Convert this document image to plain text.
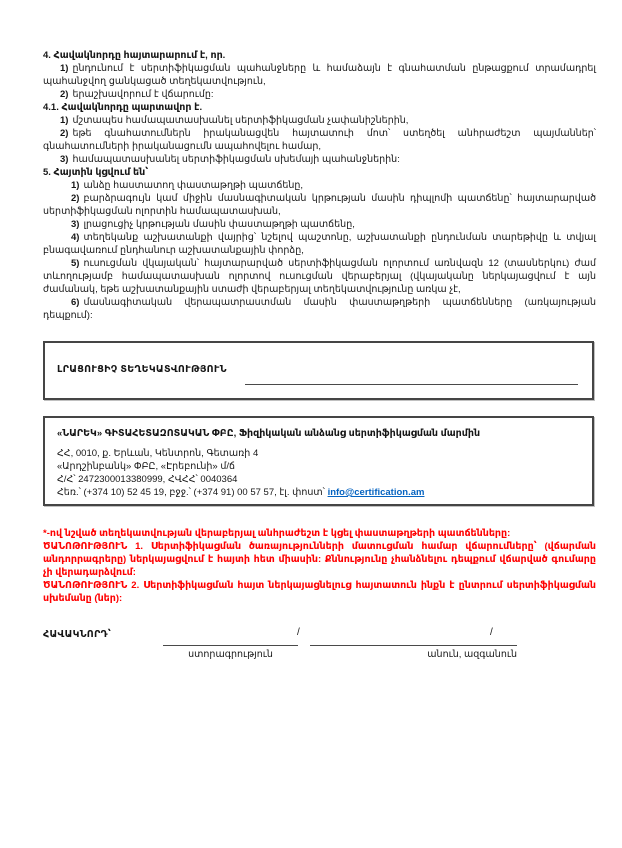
4. Հավակնորդը հայտարարում է, որ.

1) ընդունում է սերտիֆիկացման պահանջները և համաձայն է գնահատման ընթացքում տրամադրել պահանջվող ցանկացած տեղեկատվություն,

2) երաշխավորում է վճարումը:

4.1. Հավակնորդը պարտավոր է.

1) մշտապես համապատասխանել սերտիֆիկացման չափանիշներին,

2) եթե գնահատումներն իրականացվեն հայտատուի մոտ՝ ստեղծել անհրաժեշտ պայմաններ՝ գնահատումների իրականացումն ապահովելու համար,

3) համապատասխանել սերտիֆիկացման սխեմայի պահանջներին:

5. Հայտին կցվում են՝

1) անձը հաստատող փաստաթղթի պատճենը,

2) բարձրագույն կամ միջին մասնագիտական կրթության մասին դիպլոմի պատճենը՝ հայտարարված սերտիֆիկացման ոլորտին համապատասխան,

3) լրացուցիչ կրթության մասին փաստաթղթի պատճենը,

4) տեղեկանք աշխատանքի վայրից՝ նշելով պաշտոնը, աշխատանքի ընդունման տարեթիվը և տվյալ բնագավառում ընդհանուր աշխատանքային փորձը,

5) ուսուցման վկայական՝ հայտարարված սերտիֆիկացման ոլորտում առնվազն 12 (տասներկու) ժամ տևողությամբ համապատասխան ոլորտով ուսուցման վերաբերյալ (վկայականը ներկայացվում է այն ժամանակ, եթե աշխատանքային ստաժի վերաբերյալ տեղեկատվությունը առկա չէ,

6) մասնագիտական վերապատրաստման մասին փաստաթղթերի պատճենները (առկայության դեպքում):

ԼՐԱՑՈՒՑԻՉ ՏԵՂԵԿԱՏՎՈՒԹՅՈՒՆ
«ՆԱՐԵԿ» ԳԻՏԱՀԵՏԱԶՈՏԱԿԱՆ ՓԲԸ, Ֆիզիկական անձանց սերտիֆիկացման մարմին

ՀՀ, 0010, ք. Երևան, Կենտրոն, Գետառի 4

«Արդշինբանկ» ՓԲԸ, «Էրեբունի» մ/ճ

Հ/Հ՝ 2472300013380999, ՀՎՀՀ՝ 0040364

Հեռ.՝ (+374 10) 52 45 19, բջջ.՝ (+374 91) 00 57 57, էլ. փոստ՝ info@certification.am

*-ով նշված տեղեկատվության վերաբերյալ անհրաժեշտ է կցել փաստաթղթերի պատճենները:

ԾԱՆՈԹՈՒԹՅՈՒՆ 1. Սերտիֆիկացման ծառայությունների մատուցման համար վճարումները՝ (վճարման անդորրագրերը) ներկայացվում է հայտի հետ միասին: Քննությունը չհանձնելու դեպքում վճարված գումարը չի վերադարձվում:

ԾԱՆՈԹՈՒԹՅՈՒՆ 2. Սերտիֆիկացման հայտ ներկայացնելուց հայտատուն ինքն է ընտրում սերտիֆիկացման սխեմանը (ներ):

ՀԱՎԱԿՆՈՐԴ՝	/	/
ստորագրություն	անուն, ազգանուն
